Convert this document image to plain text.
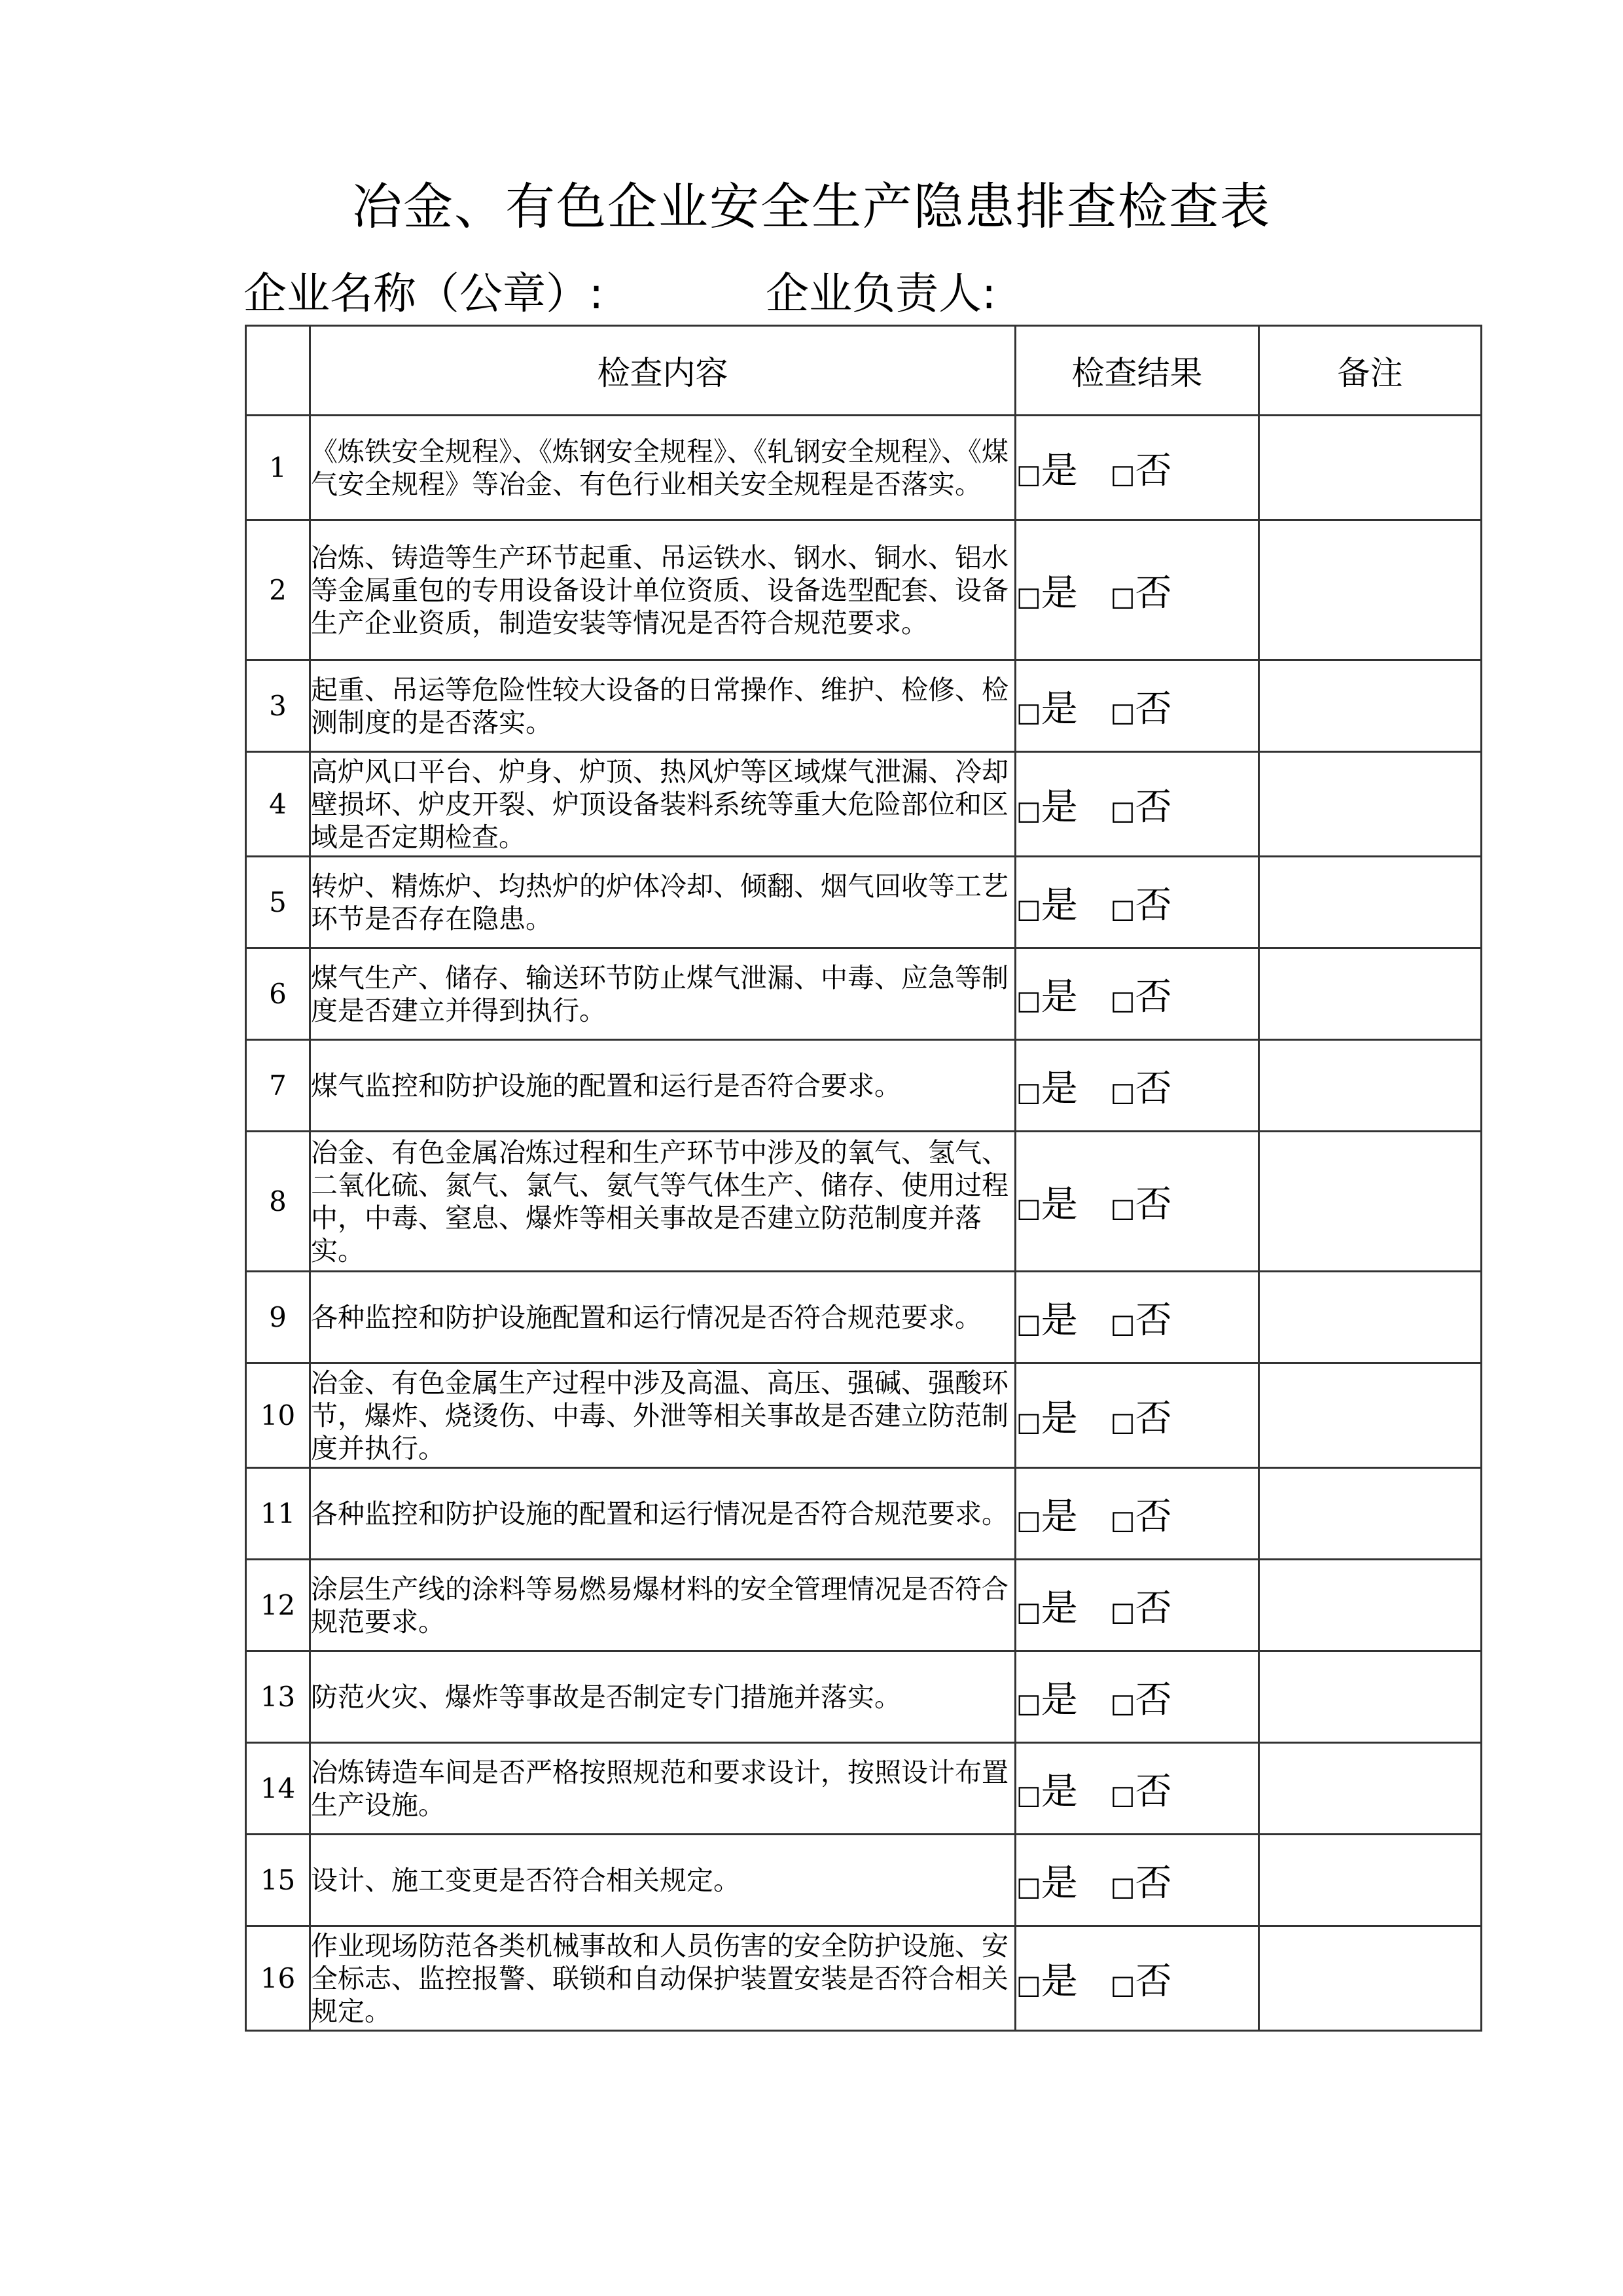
冶金、有色企业安全生产隐患排查检查表
企业名称（公章）:	企业负责人:
	检查内容	检查结果	备注
1	《炼铁安全规程》、《炼钢安全规程》、《轧钢安全规程》、《煤气安全规程》等冶金、有色行业相关安全规程是否落实。	□是 □否	
2	冶炼、铸造等生产环节起重、吊运铁水、钢水、铜水、铝水等金属重包的专用设备设计单位资质、设备选型配套、设备生产企业资质，制造安装等情况是否符合规范要求。	□是 □否	
3	起重、吊运等危险性较大设备的日常操作、维护、检修、检测制度的是否落实。	□是 □否	
4	高炉风口平台、炉身、炉顶、热风炉等区域煤气泄漏、冷却壁损坏、炉皮开裂、炉顶设备装料系统等重大危险部位和区域是否定期检查。	□是 □否	
5	转炉、精炼炉、均热炉的炉体冷却、倾翻、烟气回收等工艺环节是否存在隐患。	□是 □否	
6	煤气生产、储存、输送环节防止煤气泄漏、中毒、应急等制度是否建立并得到执行。	□是 □否	
7	煤气监控和防护设施的配置和运行是否符合要求。	□是 □否	
8	冶金、有色金属冶炼过程和生产环节中涉及的氧气、氢气、二氧化硫、氮气、氯气、氨气等气体生产、储存、使用过程中，中毒、窒息、爆炸等相关事故是否建立防范制度并落实。	□是 □否	
9	各种监控和防护设施配置和运行情况是否符合规范要求。	□是 □否	
10	冶金、有色金属生产过程中涉及高温、高压、强碱、强酸环节，爆炸、烧烫伤、中毒、外泄等相关事故是否建立防范制度并执行。	□是 □否	
11	各种监控和防护设施的配置和运行情况是否符合规范要求。	□是 □否	
12	涂层生产线的涂料等易燃易爆材料的安全管理情况是否符合规范要求。	□是 □否	
13	防范火灾、爆炸等事故是否制定专门措施并落实。	□是 □否	
14	冶炼铸造车间是否严格按照规范和要求设计，按照设计布置生产设施。	□是 □否	
15	设计、施工变更是否符合相关规定。	□是 □否	
16	作业现场防范各类机械事故和人员伤害的安全防护设施、安全标志、监控报警、联锁和自动保护装置安装是否符合相关规定。	□是 □否	
